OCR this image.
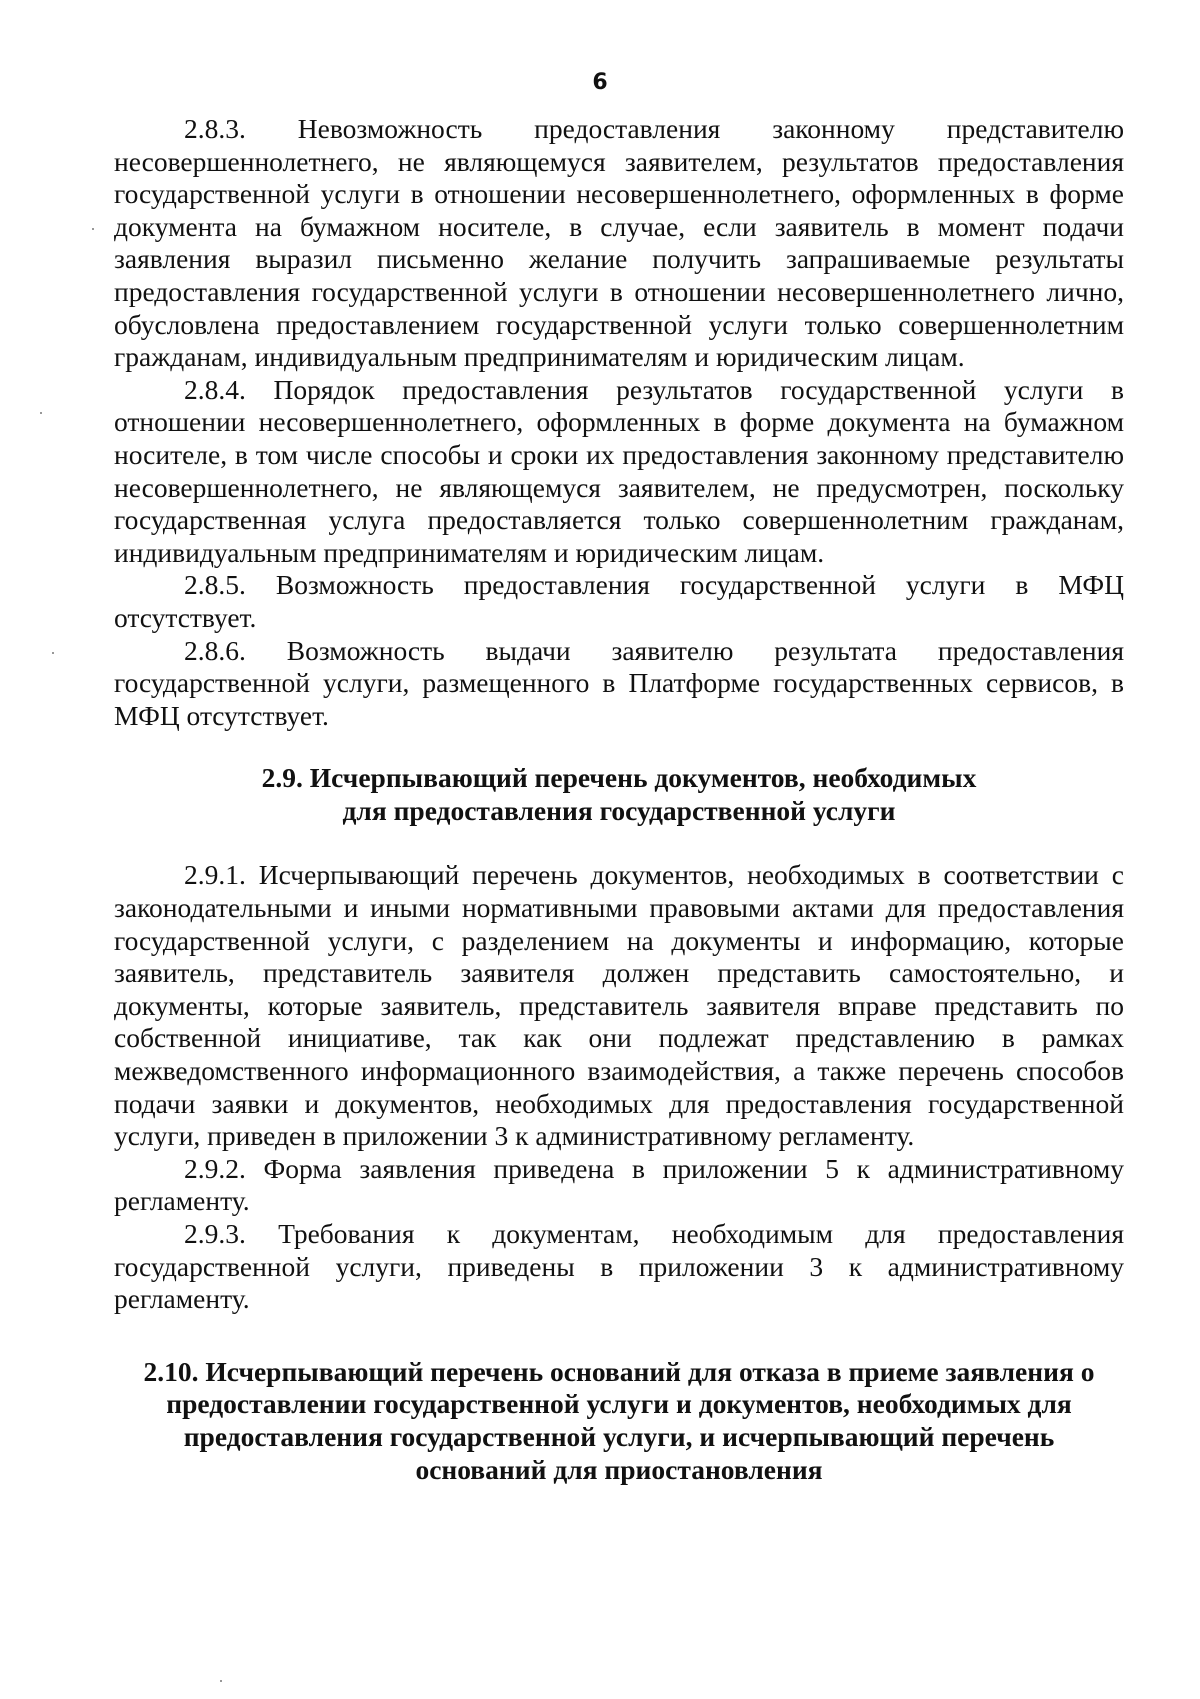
6

2.8.3. Невозможность предоставления законному представителю несовершеннолетнего, не являющемуся заявителем, результатов предоставления государственной услуги в отношении несовершеннолетнего, оформленных в форме документа на бумажном носителе, в случае, если заявитель в момент подачи заявления выразил письменно желание получить запрашиваемые результаты предоставления государственной услуги в отношении несовершеннолетнего лично, обусловлена предоставлением государственной услуги только совершеннолетним гражданам, индивидуальным предпринимателям и юридическим лицам.

2.8.4. Порядок предоставления результатов государственной услуги в отношении несовершеннолетнего, оформленных в форме документа на бумажном носителе, в том числе способы и сроки их предоставления законному представителю несовершеннолетнего, не являющемуся заявителем, не предусмотрен, поскольку государственная услуга предоставляется только совершеннолетним гражданам, индивидуальным предпринимателям и юридическим лицам.

2.8.5. Возможность предоставления государственной услуги в МФЦ отсутствует.

2.8.6. Возможность выдачи заявителю результата предоставления государственной услуги, размещенного в Платформе государственных сервисов, в МФЦ отсутствует.

2.9. Исчерпывающий перечень документов, необходимых
для предоставления государственной услуги

2.9.1. Исчерпывающий перечень документов, необходимых в соответствии с законодательными и иными нормативными правовыми актами для предоставления государственной услуги, с разделением на документы и информацию, которые заявитель, представитель заявителя должен представить самостоятельно, и документы, которые заявитель, представитель заявителя вправе представить по собственной инициативе, так как они подлежат представлению в рамках межведомственного информационного взаимодействия, а также перечень способов подачи заявки и документов, необходимых для предоставления государственной услуги, приведен в приложении 3 к административному регламенту.

2.9.2. Форма заявления приведена в приложении 5 к административному регламенту.

2.9.3. Требования к документам, необходимым для предоставления государственной услуги, приведены в приложении 3 к административному регламенту.

2.10. Исчерпывающий перечень оснований для отказа в приеме заявления о
предоставлении государственной услуги и документов, необходимых для
предоставления государственной услуги, и исчерпывающий перечень
оснований для приостановления
